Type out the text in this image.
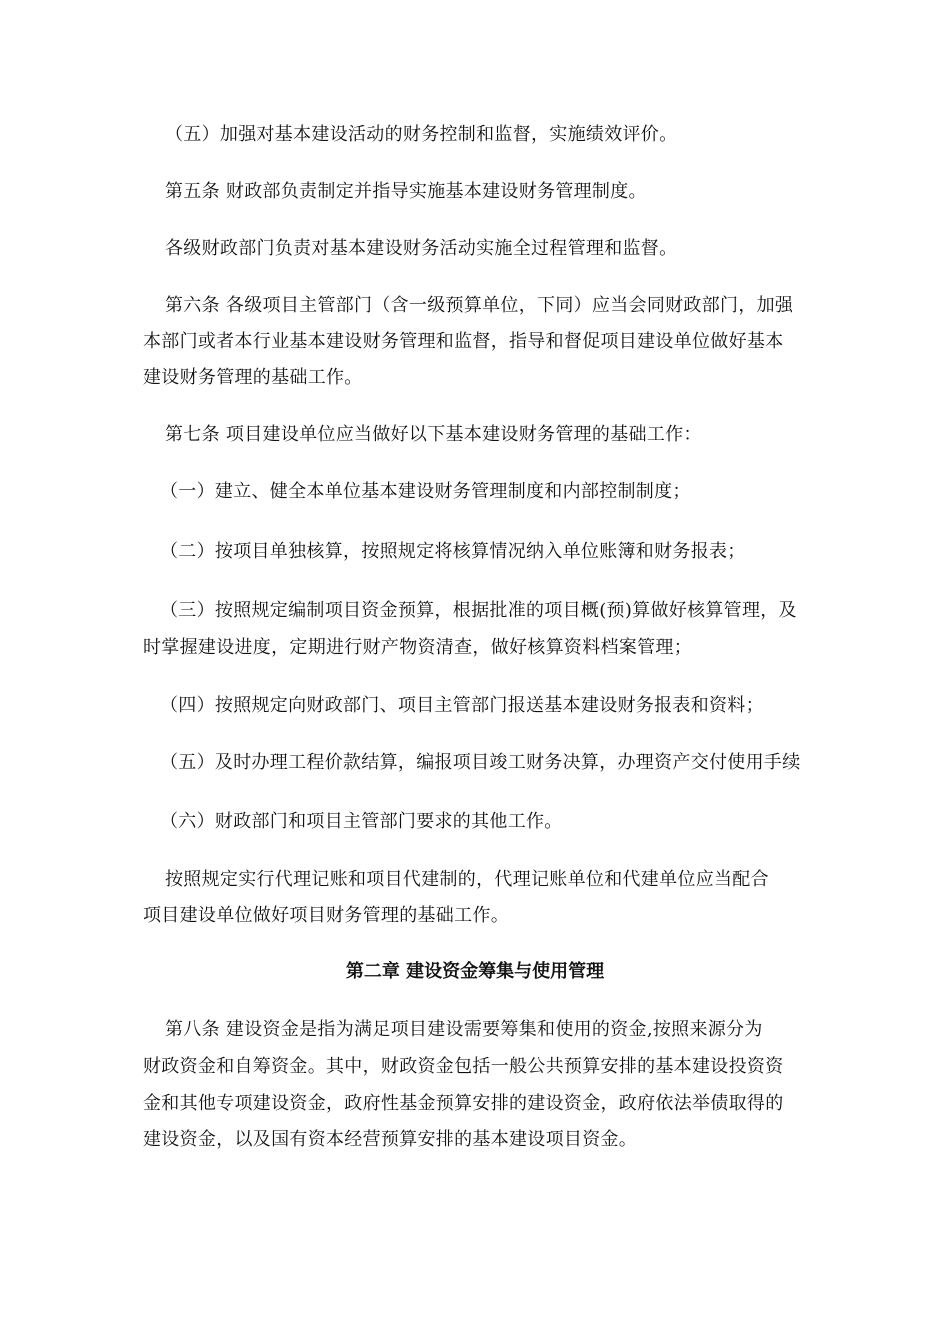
（五）加强对基本建设活动的财务控制和监督，实施绩效评价。
第五条 财政部负责制定并指导实施基本建设财务管理制度。
各级财政部门负责对基本建设财务活动实施全过程管理和监督。
第六条 各级项目主管部门（含一级预算单位，下同）应当会同财政部门，加强
本部门或者本行业基本建设财务管理和监督，指导和督促项目建设单位做好基本
建设财务管理的基础工作。
第七条 项目建设单位应当做好以下基本建设财务管理的基础工作：
（一）建立、健全本单位基本建设财务管理制度和内部控制制度；
（二）按项目单独核算，按照规定将核算情况纳入单位账簿和财务报表；
（三）按照规定编制项目资金预算，根据批准的项目概(预)算做好核算管理，及
时掌握建设进度，定期进行财产物资清查，做好核算资料档案管理；
（四）按照规定向财政部门、项目主管部门报送基本建设财务报表和资料；
（五）及时办理工程价款结算，编报项目竣工财务决算，办理资产交付使用手续
（六）财政部门和项目主管部门要求的其他工作。
按照规定实行代理记账和项目代建制的，代理记账单位和代建单位应当配合
项目建设单位做好项目财务管理的基础工作。
第二章 建设资金筹集与使用管理
第八条 建设资金是指为满足项目建设需要筹集和使用的资金,按照来源分为
财政资金和自筹资金。其中，财政资金包括一般公共预算安排的基本建设投资资
金和其他专项建设资金，政府性基金预算安排的建设资金，政府依法举债取得的
建设资金，以及国有资本经营预算安排的基本建设项目资金。
